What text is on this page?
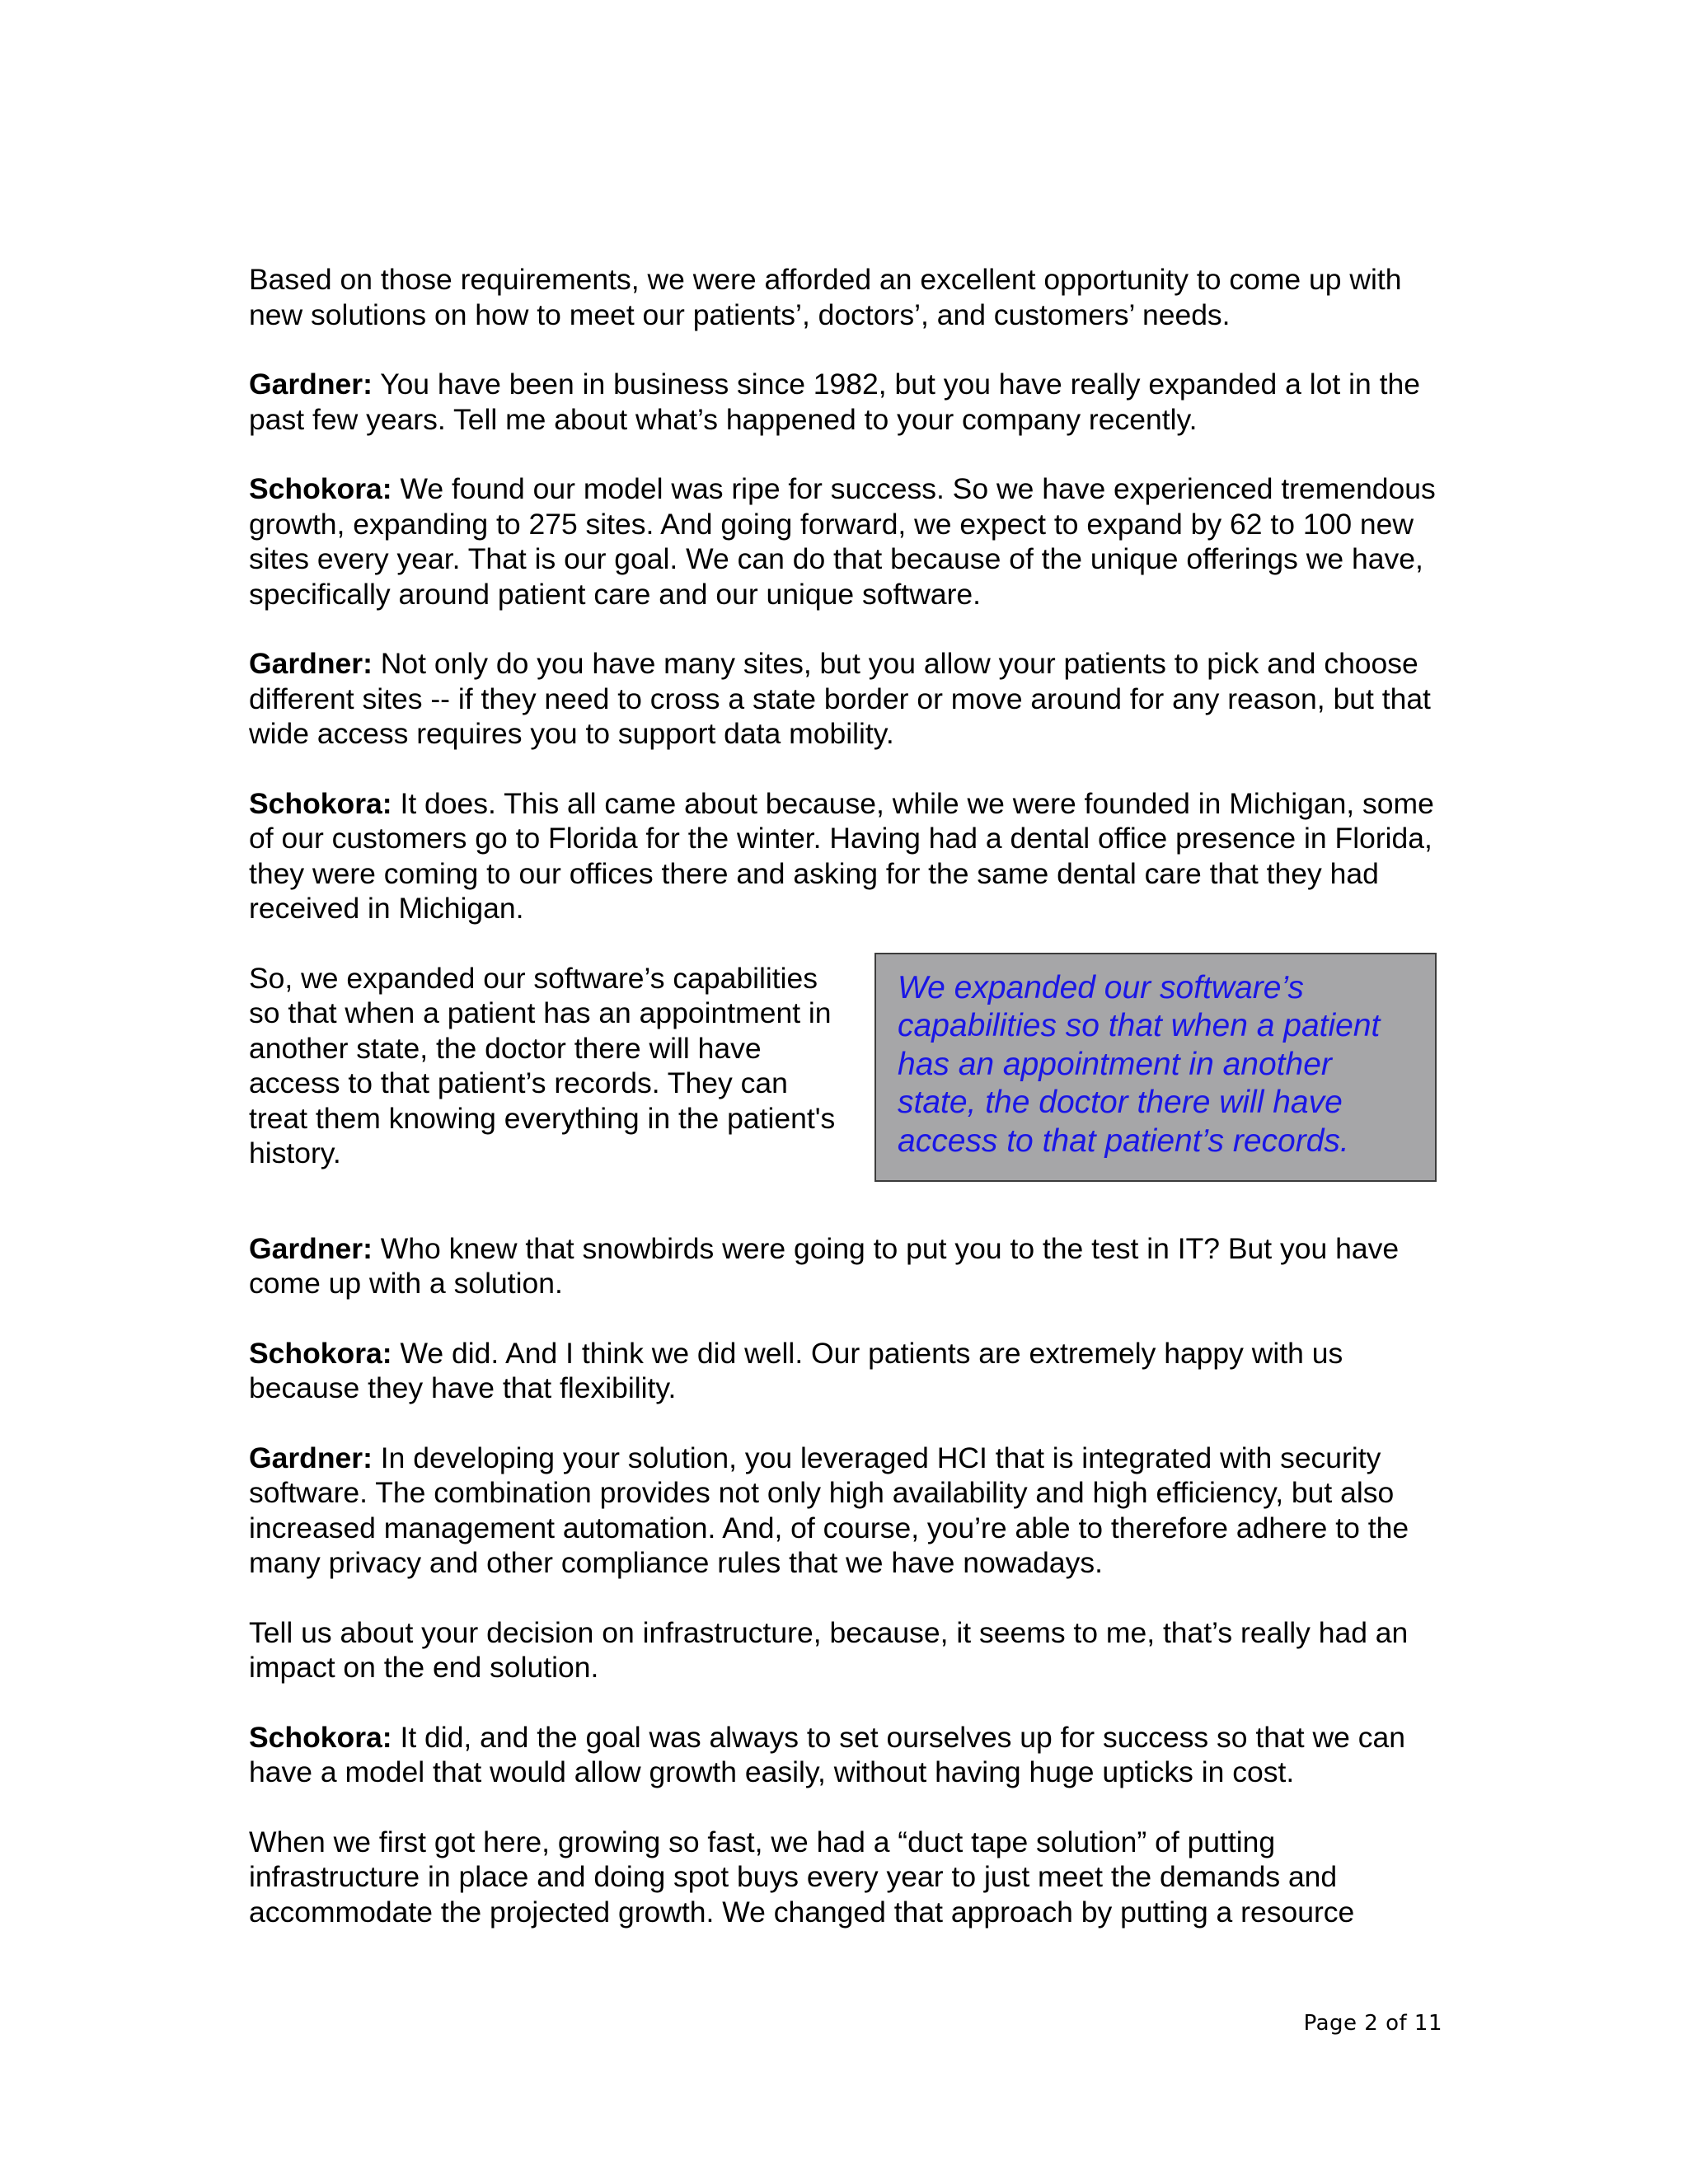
Based on those requirements, we were afforded an excellent opportunity to come up with new solutions on how to meet our patients’, doctors’, and customers’ needs.

Gardner: You have been in business since 1982, but you have really expanded a lot in the past few years. Tell me about what’s happened to your company recently.

Schokora: We found our model was ripe for success. So we have experienced tremendous growth, expanding to 275 sites. And going forward, we expect to expand by 62 to 100 new sites every year. That is our goal. We can do that because of the unique offerings we have, specifically around patient care and our unique software.

Gardner: Not only do you have many sites, but you allow your patients to pick and choose different sites -- if they need to cross a state border or move around for any reason, but that wide access requires you to support data mobility.

Schokora: It does. This all came about because, while we were founded in Michigan, some of our customers go to Florida for the winter. Having had a dental office presence in Florida, they were coming to our offices there and asking for the same dental care that they had received in Michigan.

So, we expanded our software’s capabilities so that when a patient has an appointment in another state, the doctor there will have access to that patient’s records. They can treat them knowing everything in the patient's history.

We expanded our software’s capabilities so that when a patient has an appointment in another state, the doctor there will have access to that patient’s records.

Gardner: Who knew that snowbirds were going to put you to the test in IT? But you have come up with a solution.

Schokora: We did. And I think we did well. Our patients are extremely happy with us because they have that flexibility.

Gardner: In developing your solution, you leveraged HCI that is integrated with security software. The combination provides not only high availability and high efficiency, but also increased management automation. And, of course, you’re able to therefore adhere to the many privacy and other compliance rules that we have nowadays.

Tell us about your decision on infrastructure, because, it seems to me, that’s really had an impact on the end solution.

Schokora: It did, and the goal was always to set ourselves up for success so that we can have a model that would allow growth easily, without having huge upticks in cost.

When we first got here, growing so fast, we had a “duct tape solution” of putting infrastructure in place and doing spot buys every year to just meet the demands and accommodate the projected growth. We changed that approach by putting a resource

Page 2 of 11
